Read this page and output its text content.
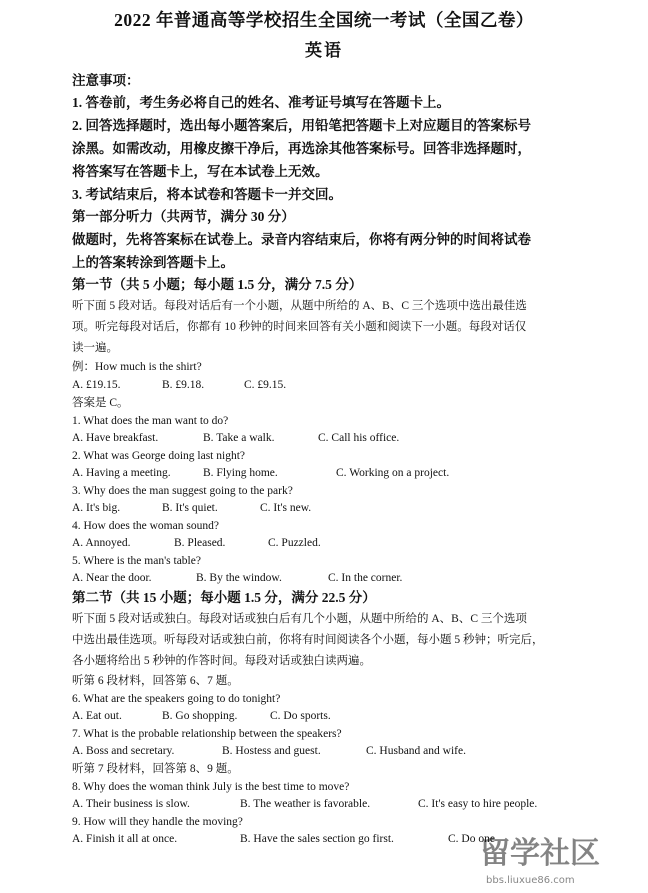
2022 年普通高等学校招生全国统一考试（全国乙卷）
英语
注意事项：
1. 答卷前，考生务必将自己的姓名、准考证号填写在答题卡上。
2. 回答选择题时，选出每小题答案后，用铅笔把答题卡上对应题目的答案标号
涂黑。如需改动，用橡皮擦干净后，再选涂其他答案标号。回答非选择题时，
将答案写在答题卡上，写在本试卷上无效。
3. 考试结束后，将本试卷和答题卡一并交回。
第一部分听力（共两节，满分 30 分）
做题时，先将答案标在试卷上。录音内容结束后，你将有两分钟的时间将试卷
上的答案转涂到答题卡上。
第一节（共 5 小题；每小题 1.5 分，满分 7.5 分）
听下面 5 段对话。每段对话后有一个小题，从题中所给的 A、B、C 三个选项中选出最佳选
项。听完每段对话后，你都有 10 秒钟的时间来回答有关小题和阅读下一小题。每段对话仅
读一遍。
例：How much is the shirt?
A. £19.15.	B. £9.18.	C. £9.15.
答案是 C。
1. What does the man want to do?
A. Have breakfast.	B. Take a walk.	C. Call his office.
2. What was George doing last night?
A. Having a meeting.	B. Flying home.	C. Working on a project.
3. Why does the man suggest going to the park?
A. It's big.	B. It's quiet.	C. It's new.
4. How does the woman sound?
A. Annoyed.	B. Pleased.	C. Puzzled.
5. Where is the man's table?
A. Near the door.	B. By the window.	C. In the corner.
第二节（共 15 小题；每小题 1.5 分，满分 22.5 分）
听下面 5 段对话或独白。每段对话或独白后有几个小题，从题中所给的 A、B、C 三个选项
中选出最佳选项。听每段对话或独白前，你将有时间阅读各个小题，每小题 5 秒钟；听完后，
各小题将给出 5 秒钟的作答时间。每段对话或独白读两遍。
听第 6 段材料，回答第 6、7 题。
6. What are the speakers going to do tonight?
A. Eat out.	B. Go shopping.	C. Do sports.
7. What is the probable relationship between the speakers?
A. Boss and secretary.	B. Hostess and guest.	C. Husband and wife.
听第 7 段材料，回答第 8、9 题。
8. Why does the woman think July is the best time to move?
A. Their business is slow.	B. The weather is favorable.	C. It's easy to hire people.
9. How will they handle the moving?
A. Finish it all at once.	B. Have the sales section go first.	C. Do one
留学社区
bbs.liuxue86.com
